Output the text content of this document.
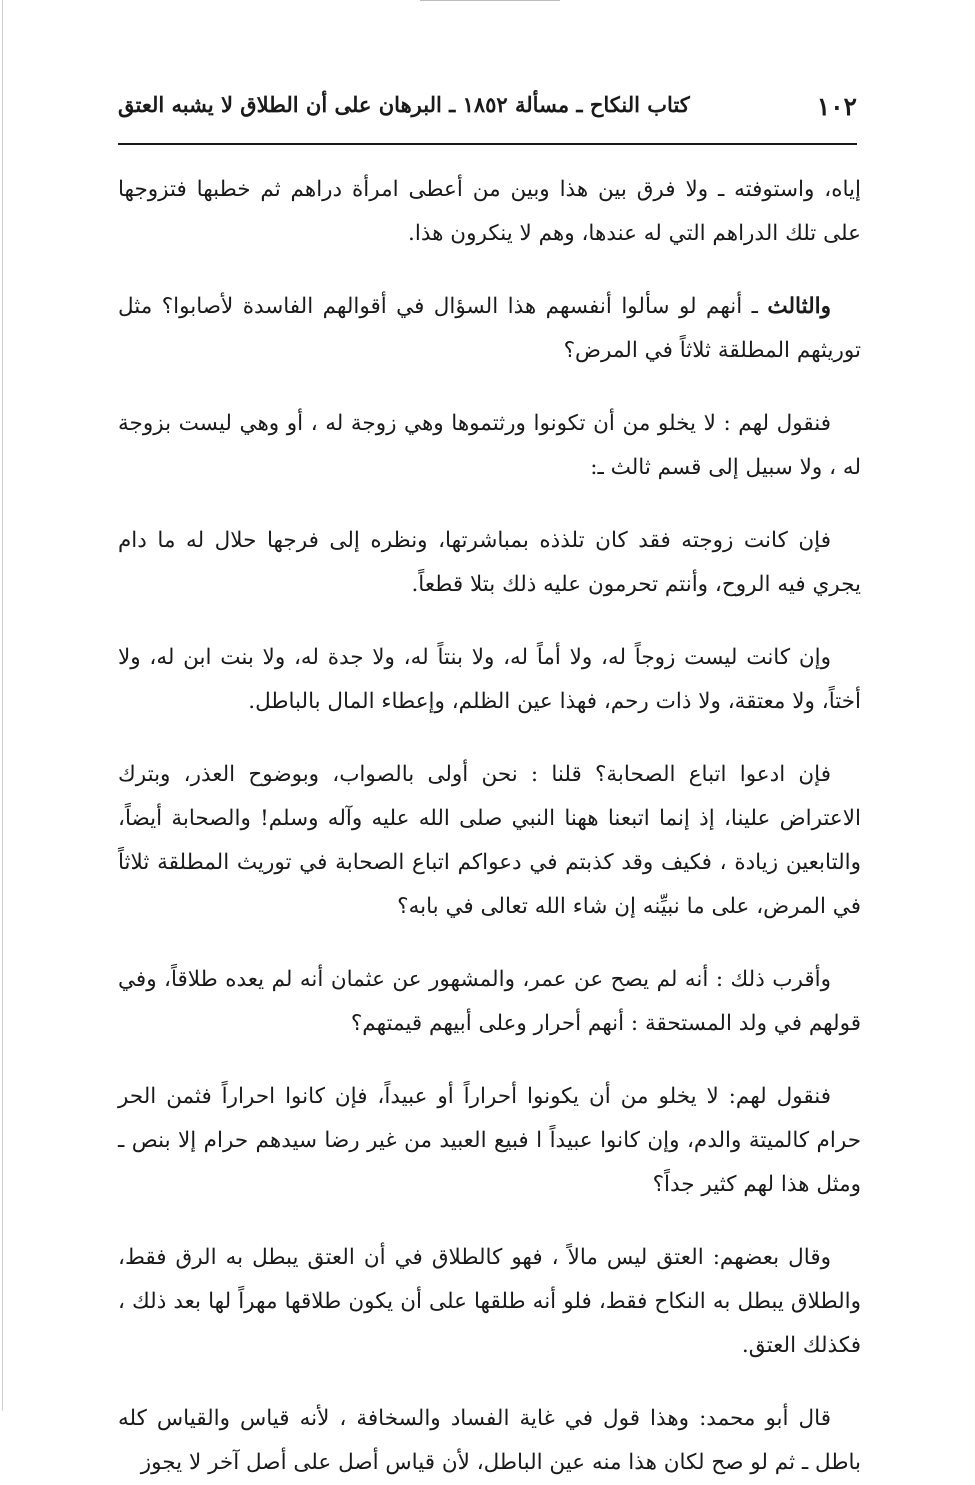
١٠٢
كتاب النكاح ـ مسألة ١٨٥٢ ـ البرهان على أن الطلاق لا يشبه العتق

إياه، واستوفته ـ ولا فرق بين هذا وبين من أعطى امرأة دراهم ثم خطبها فتزوجها على تلك الدراهم التي له عندها، وهم لا ينكرون هذا.

والثالث ـ أنهم لو سألوا أنفسهم هذا السؤال في أقوالهم الفاسدة لأصابوا؟ مثل توريثهم المطلقة ثلاثاً في المرض؟

فنقول لهم : لا يخلو من أن تكونوا ورثتموها وهي زوجة له ، أو وهي ليست بزوجة له ، ولا سبيل إلى قسم ثالث ـ:

فإن كانت زوجته فقد كان تلذذه بمباشرتها، ونظره إلى فرجها حلال له ما دام يجري فيه الروح، وأنتم تحرمون عليه ذلك بتلا قطعاً.

وإن كانت ليست زوجاً له، ولا أماً له، ولا بنتاً له، ولا جدة له، ولا بنت ابن له، ولا أختاً، ولا معتقة، ولا ذات رحم، فهذا عين الظلم، وإعطاء المال بالباطل.

فإن ادعوا اتباع الصحابة؟ قلنا : نحن أولى بالصواب، وبوضوح العذر، وبترك الاعتراض علينا، إذ إنما اتبعنا ههنا النبي صلى الله عليه وآله وسلم! والصحابة أيضاً، والتابعين زيادة ، فكيف وقد كذبتم في دعواكم اتباع الصحابة في توريث المطلقة ثلاثاً في المرض، على ما نبيِّنه إن شاء الله تعالى في بابه؟

وأقرب ذلك : أنه لم يصح عن عمر، والمشهور عن عثمان أنه لم يعده طلاقاً، وفي قولهم في ولد المستحقة : أنهم أحرار وعلى أبيهم قيمتهم؟

فنقول لهم: لا يخلو من أن يكونوا أحراراً أو عبيداً، فإن كانوا احراراً فثمن الحر حرام كالميتة والدم، وإن كانوا عبيداً ا فبيع العبيد من غير رضا سيدهم حرام إلا بنص ـ ومثل هذا لهم كثير جداً؟

وقال بعضهم: العتق ليس مالاً ، فهو كالطلاق في أن العتق يبطل به الرق فقط، والطلاق يبطل به النكاح فقط، فلو أنه طلقها على أن يكون طلاقها مهراً لها بعد ذلك ، فكذلك العتق.

قال أبو محمد: وهذا قول في غاية الفساد والسخافة ، لأنه قياس والقياس كله باطل ـ ثم لو صح لكان هذا منه عين الباطل، لأن قياس أصل على أصل آخر لا يجوز
